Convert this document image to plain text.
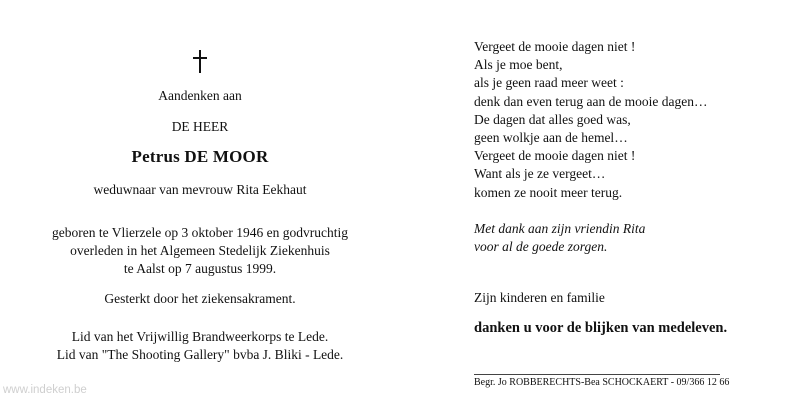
Aandenken aan
DE HEER
Petrus DE MOOR
weduwnaar van mevrouw Rita Eekhaut
geboren te Vlierzele op 3 oktober 1946 en godvruchtig
overleden in het Algemeen Stedelijk Ziekenhuis
te Aalst op 7 augustus 1999.
Gesterkt door het ziekensakrament.
Lid van het Vrijwillig Brandweerkorps te Lede.
Lid van "The Shooting Gallery" bvba J. Bliki - Lede.
Vergeet de mooie dagen niet !
Als je moe bent,
als je geen raad meer weet :
denk dan even terug aan de mooie dagen…
De dagen dat alles goed was,
geen wolkje aan de hemel…
Vergeet de mooie dagen niet !
Want als je ze vergeet…
komen ze nooit meer terug.
Met dank aan zijn vriendin Rita
voor al de goede zorgen.
Zijn kinderen en familie
danken u voor de blijken van medeleven.
Begr. Jo ROBBERECHTS-Bea SCHOCKAERT - 09/366 12 66
www.indeken.be
